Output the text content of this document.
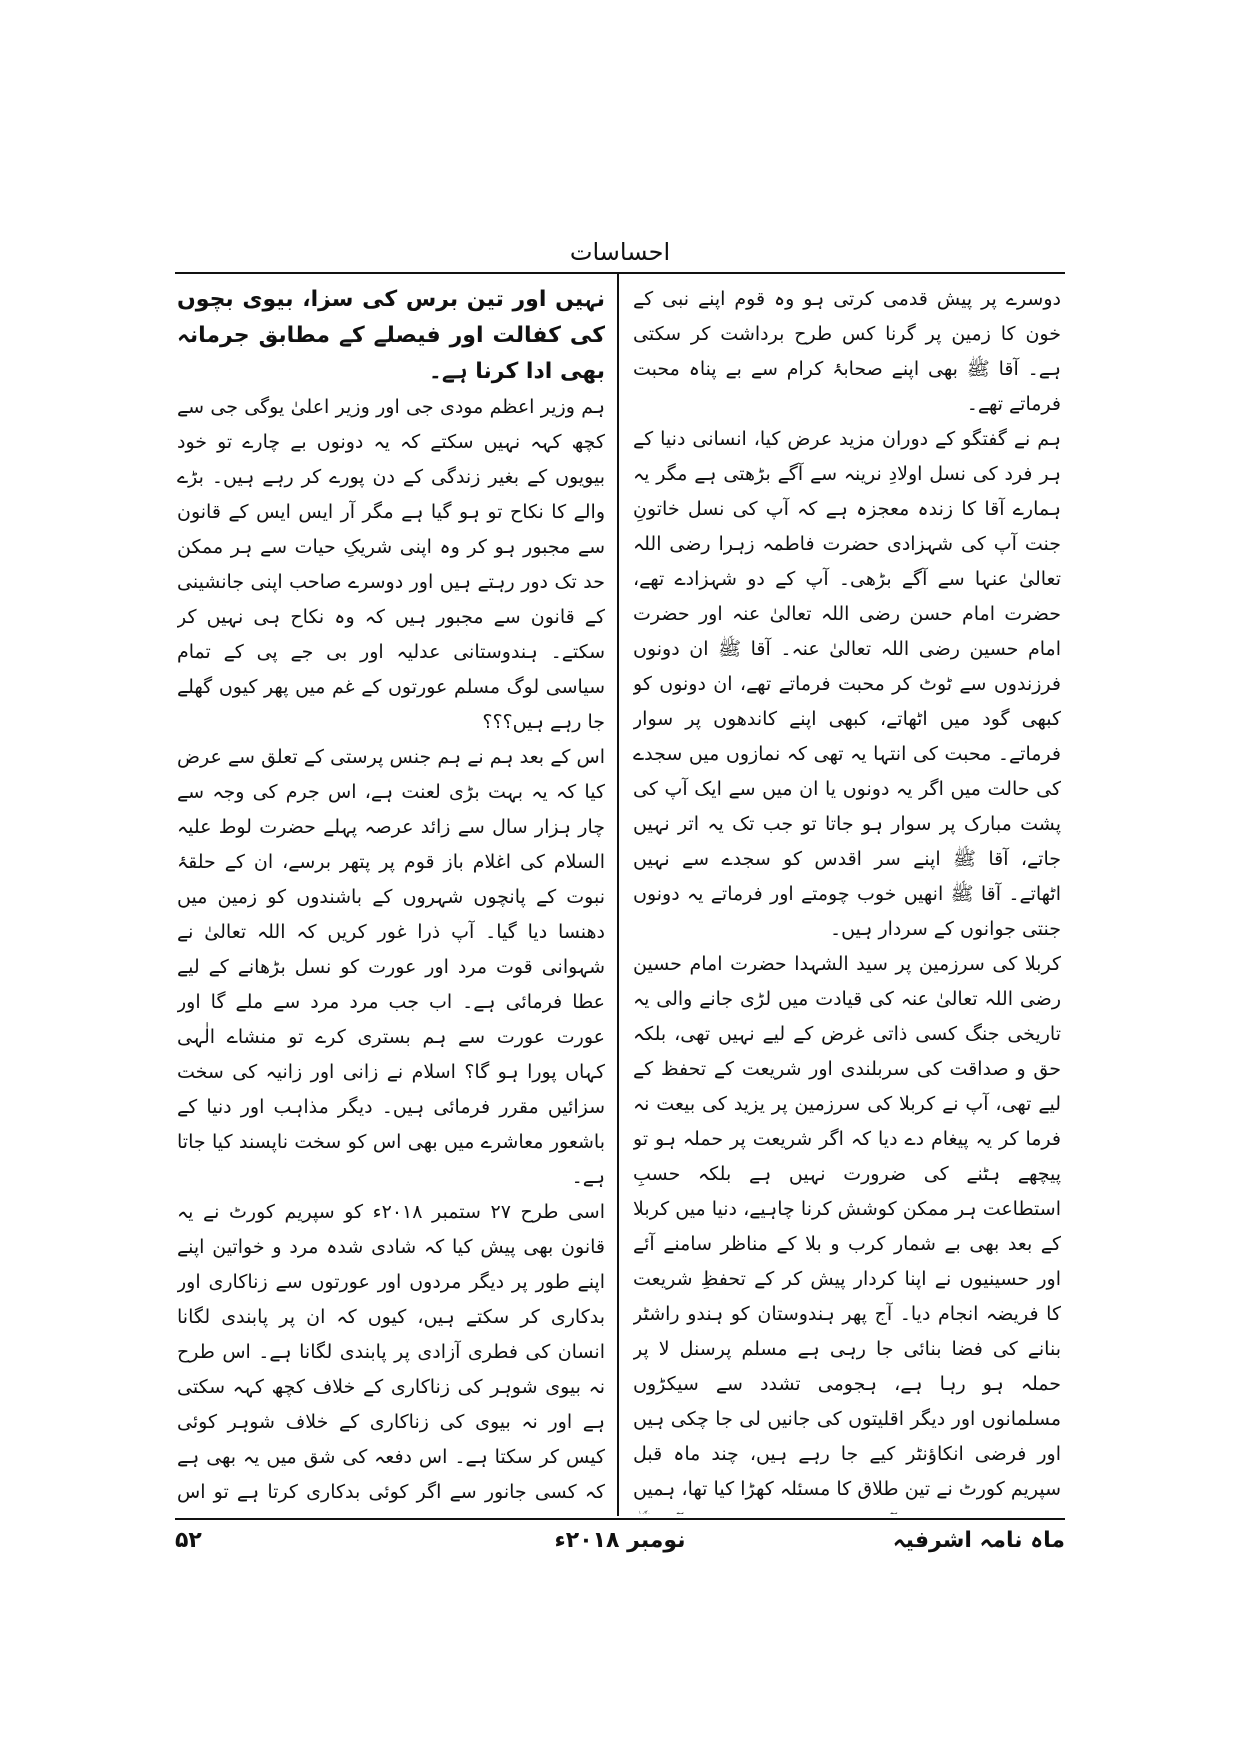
احساسات

دوسرے پر پیش قدمی کرتی ہو وہ قوم اپنے نبی کے خون کا زمین پر گرنا کس طرح برداشت کر سکتی ہے۔ آقا ﷺ بھی اپنے صحابۂ کرام سے بے پناہ محبت فرماتے تھے۔

ہم نے گفتگو کے دوران مزید عرض کیا، انسانی دنیا کے ہر فرد کی نسل اولادِ نرینہ سے آگے بڑھتی ہے مگر یہ ہمارے آقا کا زندہ معجزہ ہے کہ آپ کی نسل خاتونِ جنت آپ کی شہزادی حضرت فاطمہ زہرا رضی اللہ تعالیٰ عنہا سے آگے بڑھی۔ آپ کے دو شہزادے تھے، حضرت امام حسن رضی اللہ تعالیٰ عنہ اور حضرت امام حسین رضی اللہ تعالیٰ عنہ۔ آقا ﷺ ان دونوں فرزندوں سے ٹوٹ کر محبت فرماتے تھے، ان دونوں کو کبھی گود میں اٹھاتے، کبھی اپنے کاندھوں پر سوار فرماتے۔ محبت کی انتہا یہ تھی کہ نمازوں میں سجدے کی حالت میں اگر یہ دونوں یا ان میں سے ایک آپ کی پشت مبارک پر سوار ہو جاتا تو جب تک یہ اتر نہیں جاتے، آقا ﷺ اپنے سر اقدس کو سجدے سے نہیں اٹھاتے۔ آقا ﷺ انھیں خوب چومتے اور فرماتے یہ دونوں جنتی جوانوں کے سردار ہیں۔

کربلا کی سرزمین پر سید الشہدا حضرت امام حسین رضی اللہ تعالیٰ عنہ کی قیادت میں لڑی جانے والی یہ تاریخی جنگ کسی ذاتی غرض کے لیے نہیں تھی، بلکہ حق و صداقت کی سربلندی اور شریعت کے تحفظ کے لیے تھی، آپ نے کربلا کی سرزمین پر یزید کی بیعت نہ فرما کر یہ پیغام دے دیا کہ اگر شریعت پر حملہ ہو تو پیچھے ہٹنے کی ضرورت نہیں ہے بلکہ حسبِ استطاعت ہر ممکن کوشش کرنا چاہیے، دنیا میں کربلا کے بعد بھی بے شمار کرب و بلا کے مناظر سامنے آئے اور حسینیوں نے اپنا کردار پیش کر کے تحفظِ شریعت کا فریضہ انجام دیا۔ آج پھر ہندوستان کو ہندو راشٹر بنانے کی فضا بنائی جا رہی ہے مسلم پرسنل لا پر حملہ ہو رہا ہے، ہجومی تشدد سے سیکڑوں مسلمانوں اور دیگر اقلیتوں کی جانیں لی جا چکی ہیں اور فرضی انکاؤنٹر کیے جا رہے ہیں، چند ماہ قبل سپریم کورٹ نے تین طلاق کا مسئلہ کھڑا کیا تھا، ہمیں

نہیں اور تین برس کی سزا، بیوی بچوں کی کفالت اور فیصلے کے مطابق جرمانہ بھی ادا کرنا ہے۔

ہم وزیر اعظم مودی جی اور وزیر اعلیٰ یوگی جی سے کچھ کہہ نہیں سکتے کہ یہ دونوں بے چارے تو خود بیویوں کے بغیر زندگی کے دن پورے کر رہے ہیں۔ بڑے والے کا نکاح تو ہو گیا ہے مگر آر ایس ایس کے قانون سے مجبور ہو کر وہ اپنی شریکِ حیات سے ہر ممکن حد تک دور رہتے ہیں اور دوسرے صاحب اپنی جانشینی کے قانون سے مجبور ہیں کہ وہ نکاح ہی نہیں کر سکتے۔ ہندوستانی عدلیہ اور بی جے پی کے تمام سیاسی لوگ مسلم عورتوں کے غم میں پھر کیوں گھلے جا رہے ہیں؟؟؟

اس کے بعد ہم نے ہم جنس پرستی کے تعلق سے عرض کیا کہ یہ بہت بڑی لعنت ہے، اس جرم کی وجہ سے چار ہزار سال سے زائد عرصہ پہلے حضرت لوط علیہ السلام کی اغلام باز قوم پر پتھر برسے، ان کے حلقۂ نبوت کے پانچوں شہروں کے باشندوں کو زمین میں دھنسا دیا گیا۔ آپ ذرا غور کریں کہ اللہ تعالیٰ نے شہوانی قوت مرد اور عورت کو نسل بڑھانے کے لیے عطا فرمائی ہے۔ اب جب مرد مرد سے ملے گا اور عورت عورت سے ہم بستری کرے تو منشاے الٰہی کہاں پورا ہو گا؟ اسلام نے زانی اور زانیہ کی سخت سزائیں مقرر فرمائی ہیں۔ دیگر مذاہب اور دنیا کے باشعور معاشرے میں بھی اس کو سخت ناپسند کیا جاتا ہے۔

اسی طرح ۲۷ ستمبر ۲۰۱۸ء کو سپریم کورٹ نے یہ قانون بھی پیش کیا کہ شادی شدہ مرد و خواتین اپنے اپنے طور پر دیگر مردوں اور عورتوں سے زناکاری اور بدکاری کر سکتے ہیں، کیوں کہ ان پر پابندی لگانا انسان کی فطری آزادی پر پابندی لگانا ہے۔ اس طرح نہ بیوی شوہر کی زناکاری کے خلاف کچھ کہہ سکتی ہے اور نہ بیوی کی زناکاری کے خلاف شوہر کوئی کیس کر سکتا ہے۔ اس دفعہ کی شق میں یہ بھی ہے کہ کسی جانور سے اگر کوئی بدکاری کرتا ہے تو اس

ماہ نامہ اشرفیہ
نومبر ۲۰۱۸ء
۵۲
